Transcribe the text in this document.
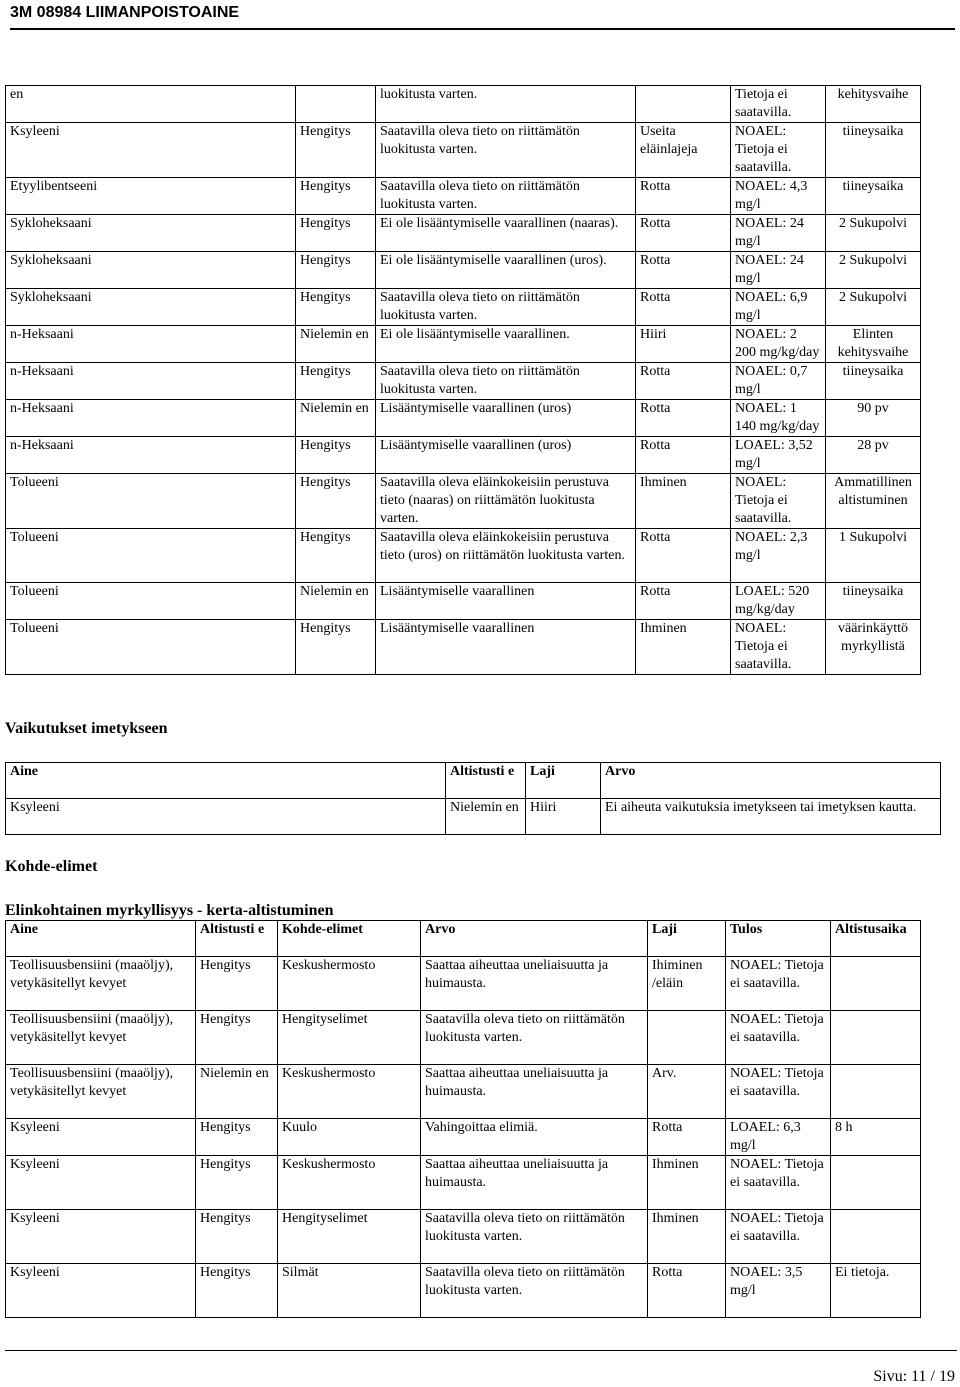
3M 08984 LIIMANPOISTOAINE
en		luokitusta varten.		Tietoja ei saatavilla.	kehitysvaihe
Ksyleeni	Hengitys	Saatavilla oleva tieto on riittämätön luokitusta varten.	Useita eläinlajeja	NOAEL: Tietoja ei saatavilla.	tiineysaika
Etyylibentseeni	Hengitys	Saatavilla oleva tieto on riittämätön luokitusta varten.	Rotta	NOAEL: 4,3 mg/l	tiineysaika
Sykloheksaani	Hengitys	Ei ole lisääntymiselle vaarallinen (naaras).	Rotta	NOAEL: 24 mg/l	2 Sukupolvi
Sykloheksaani	Hengitys	Ei ole lisääntymiselle vaarallinen (uros).	Rotta	NOAEL: 24 mg/l	2 Sukupolvi
Sykloheksaani	Hengitys	Saatavilla oleva tieto on riittämätön luokitusta varten.	Rotta	NOAEL: 6,9 mg/l	2 Sukupolvi
n-Heksaani	Nielemin en	Ei ole lisääntymiselle vaarallinen.	Hiiri	NOAEL: 2 200 mg/kg/day	Elinten kehitysvaihe
n-Heksaani	Hengitys	Saatavilla oleva tieto on riittämätön luokitusta varten.	Rotta	NOAEL: 0,7 mg/l	tiineysaika
n-Heksaani	Nielemin en	Lisääntymiselle vaarallinen (uros)	Rotta	NOAEL: 1 140 mg/kg/day	90 pv
n-Heksaani	Hengitys	Lisääntymiselle vaarallinen (uros)	Rotta	LOAEL: 3,52 mg/l	28 pv
Tolueeni	Hengitys	Saatavilla oleva eläinkokeisiin perustuva tieto (naaras) on riittämätön luokitusta varten.	Ihminen	NOAEL: Tietoja ei saatavilla.	Ammatillinen altistuminen
Tolueeni	Hengitys	Saatavilla oleva eläinkokeisiin perustuva tieto (uros) on riittämätön luokitusta varten.	Rotta	NOAEL: 2,3 mg/l	1 Sukupolvi
Tolueeni	Nielemin en	Lisääntymiselle vaarallinen	Rotta	LOAEL: 520 mg/kg/day	tiineysaika
Tolueeni	Hengitys	Lisääntymiselle vaarallinen	Ihminen	NOAEL: Tietoja ei saatavilla.	väärinkäyttö myrkyllistä
Vaikutukset imetykseen
Aine	Altistusti e	Laji	Arvo
Ksyleeni	Nielemin en	Hiiri	Ei aiheuta vaikutuksia imetykseen tai imetyksen kautta.
Kohde-elimet
Elinkohtainen myrkyllisyys - kerta-altistuminen
Aine	Altistusti e	Kohde-elimet	Arvo	Laji	Tulos	Altistusaika
Teollisuusbensiini (maaöljy), vetykäsitellyt kevyet	Hengitys	Keskushermosto	Saattaa aiheuttaa uneliaisuutta ja huimausta.	Ihiminen /eläin	NOAEL: Tietoja ei saatavilla.	
Teollisuusbensiini (maaöljy), vetykäsitellyt kevyet	Hengitys	Hengityselimet	Saatavilla oleva tieto on riittämätön luokitusta varten.		NOAEL: Tietoja ei saatavilla.	
Teollisuusbensiini (maaöljy), vetykäsitellyt kevyet	Nielemin en	Keskushermosto	Saattaa aiheuttaa uneliaisuutta ja huimausta.	Arv.	NOAEL: Tietoja ei saatavilla.	
Ksyleeni	Hengitys	Kuulo	Vahingoittaa elimiä.	Rotta	LOAEL: 6,3 mg/l	8 h
Ksyleeni	Hengitys	Keskushermosto	Saattaa aiheuttaa uneliaisuutta ja huimausta.	Ihminen	NOAEL: Tietoja ei saatavilla.	
Ksyleeni	Hengitys	Hengityselimet	Saatavilla oleva tieto on riittämätön luokitusta varten.	Ihminen	NOAEL: Tietoja ei saatavilla.	
Ksyleeni	Hengitys	Silmät	Saatavilla oleva tieto on riittämätön luokitusta varten.	Rotta	NOAEL: 3,5 mg/l	Ei tietoja.
Sivu: 11 / 19
